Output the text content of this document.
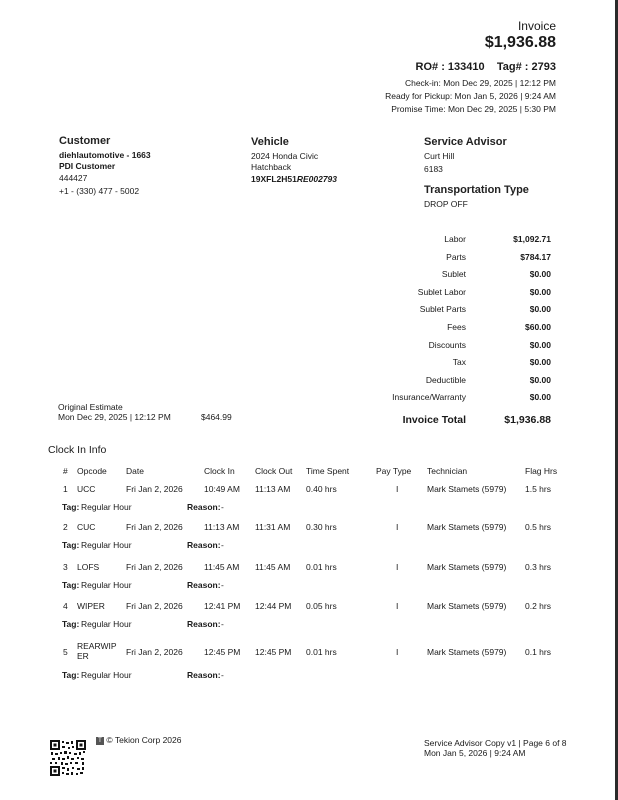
Invoice
$1,936.88
RO# : 133410 Tag# : 2793
Check-in: Mon Dec 29, 2025 | 12:12 PM
Ready for Pickup: Mon Jan 5, 2026 | 9:24 AM
Promise Time: Mon Dec 29, 2025 | 5:30 PM
Customer
diehlautomotive - 1663
PDI Customer
444427
+1 - (330) 477 - 5002
Vehicle
2024 Honda Civic
Hatchback
19XFL2H51RE002793
Service Advisor
Curt Hill
6183
Transportation Type
DROP OFF
Labor	$1,092.71
Parts	$784.17
Sublet	$0.00
Sublet Labor	$0.00
Sublet Parts	$0.00
Fees	$60.00
Discounts	$0.00
Tax	$0.00
Deductible	$0.00
Insurance/Warranty	$0.00
Invoice Total	$1,936.88
Original Estimate
Mon Dec 29, 2025 | 12:12 PM	$464.99
Clock In Info
# Opcode Date	Clock In Clock Out Time Spent	Pay Type Technician	Flag Hrs
1 UCC	Fri Jan 2, 2026	10:49 AM 11:13 AM 0.40 hrs	I	Mark Stamets (5979) 1.5 hrs
Tag: Regular Hour	Reason: -
2 CUC	Fri Jan 2, 2026	11:13 AM 11:31 AM 0.30 hrs	I	Mark Stamets (5979) 0.5 hrs
Tag: Regular Hour	Reason: -
3 LOFS	Fri Jan 2, 2026	11:45 AM 11:45 AM 0.01 hrs	I	Mark Stamets (5979) 0.3 hrs
Tag: Regular Hour	Reason: -
4 WIPER Fri Jan 2, 2026	12:41 PM 12:44 PM 0.05 hrs	I	Mark Stamets (5979) 0.2 hrs
Tag: Regular Hour	Reason: -
5
REARWIP
Fri Jan 2, 2026	12:45 PM 12:45 PM 0.01 hrs	I	Mark Stamets (5979) 0.1 hrs
ER
Tag: Regular Hour	Reason: -
T © Tekion Corp 2026	Service Advisor Copy v1 | Page 6 of 8
Mon Jan 5, 2026 | 9:24 AM
